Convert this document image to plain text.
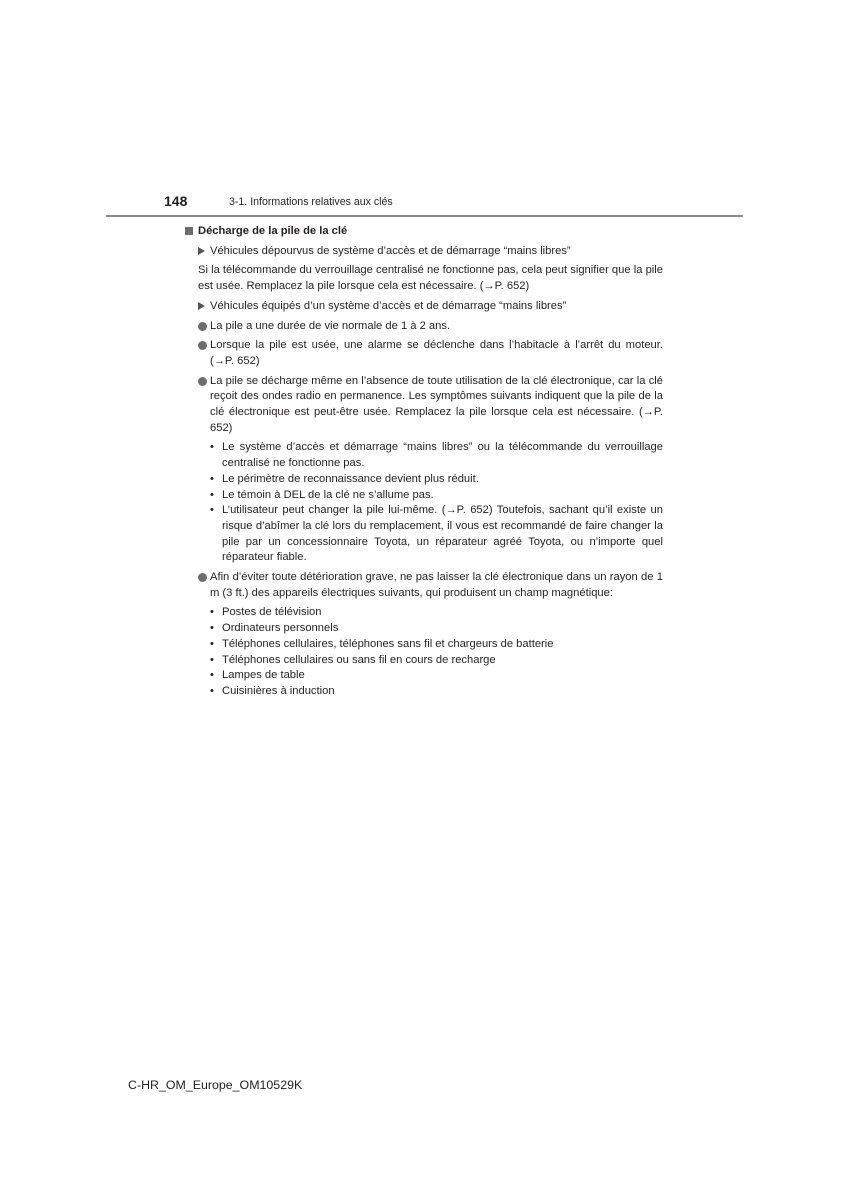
148	3-1. Informations relatives aux clés
Décharge de la pile de la clé
Véhicules dépourvus de système d’accès et de démarrage “mains libres”
Si la télécommande du verrouillage centralisé ne fonctionne pas, cela peut signifier que la pile est usée. Remplacez la pile lorsque cela est nécessaire. (→P. 652)
Véhicules équipés d’un système d’accès et de démarrage “mains libres”
La pile a une durée de vie normale de 1 à 2 ans.
Lorsque la pile est usée, une alarme se déclenche dans l’habitacle à l’arrêt du moteur. (→P. 652)
La pile se décharge même en l’absence de toute utilisation de la clé électronique, car la clé reçoit des ondes radio en permanence. Les symptômes suivants indiquent que la pile de la clé électronique est peut-être usée. Remplacez la pile lorsque cela est nécessaire. (→P. 652)
• Le système d’accès et démarrage “mains libres” ou la télécommande du verrouillage centralisé ne fonctionne pas.
• Le périmètre de reconnaissance devient plus réduit.
• Le témoin à DEL de la clé ne s’allume pas.
• L’utilisateur peut changer la pile lui-même. (→P. 652) Toutefois, sachant qu’il existe un risque d’abîmer la clé lors du remplacement, il vous est recommandé de faire changer la pile par un concessionnaire Toyota, un réparateur agréé Toyota, ou n’importe quel réparateur fiable.
Afin d’éviter toute détérioration grave, ne pas laisser la clé électronique dans un rayon de 1 m (3 ft.) des appareils électriques suivants, qui produisent un champ magnétique:
• Postes de télévision
• Ordinateurs personnels
• Téléphones cellulaires, téléphones sans fil et chargeurs de batterie
• Téléphones cellulaires ou sans fil en cours de recharge
• Lampes de table
• Cuisinières à induction
C-HR_OM_Europe_OM10529K
